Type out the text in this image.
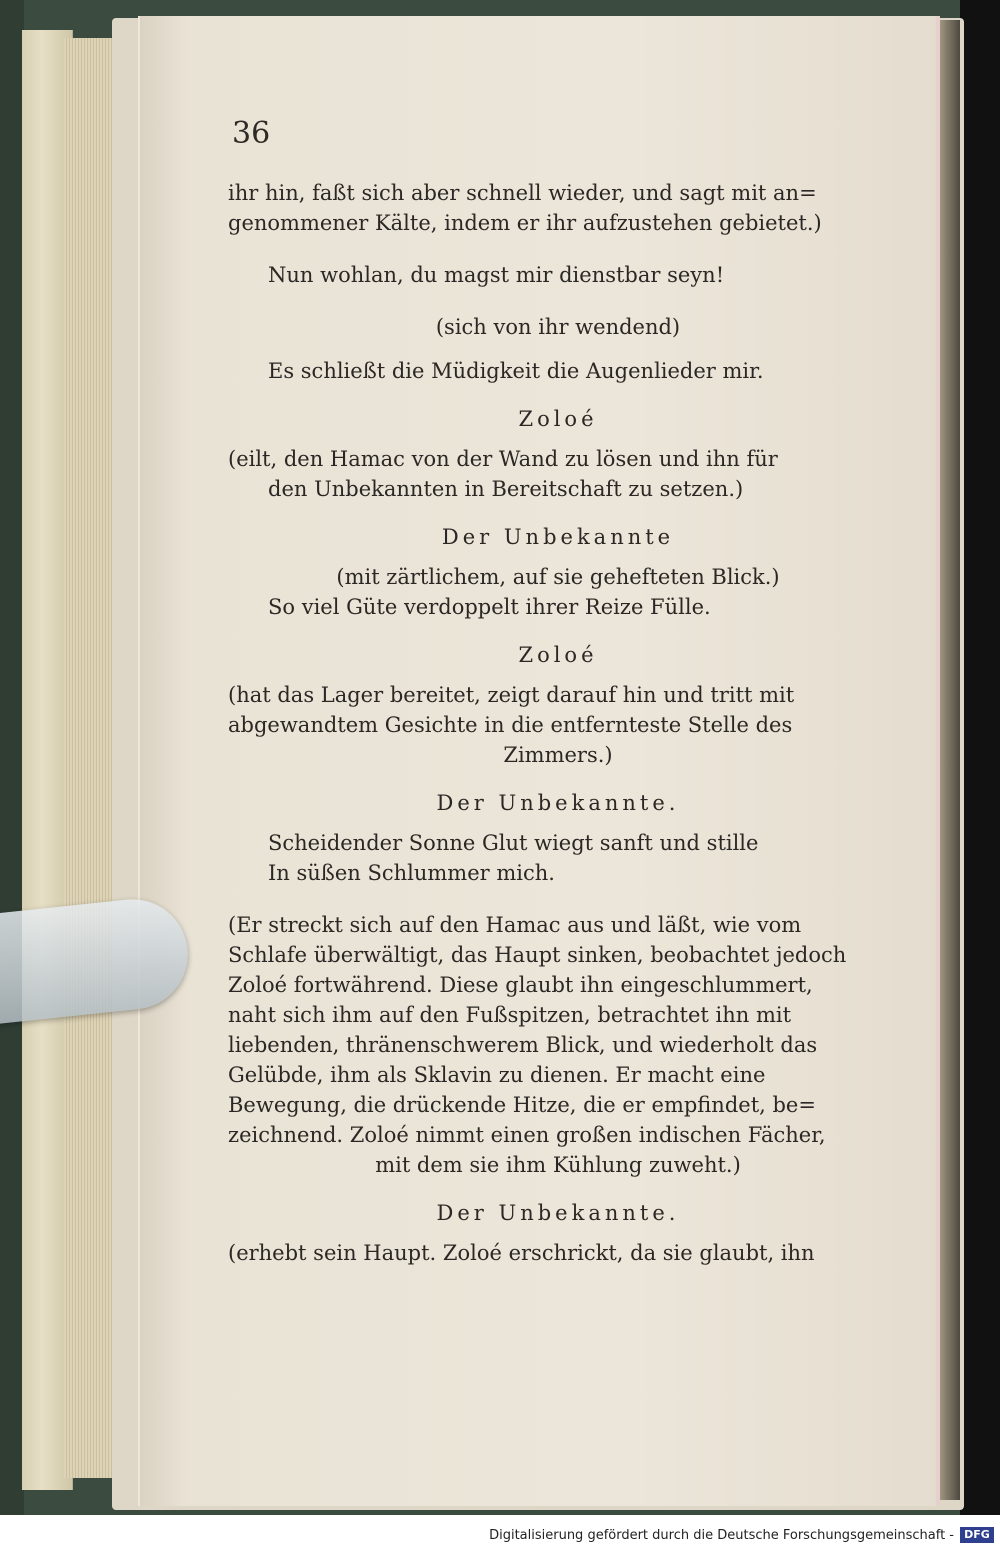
36
ihr hin, faßt sich aber schnell wieder, und sagt mit an=
genommener Kälte, indem er ihr aufzustehen gebietet.)
Nun wohlan, du magst mir dienstbar seyn!
(sich von ihr wendend)
Es schließt die Müdigkeit die Augenlieder mir.
Zoloé
(eilt, den Hamac von der Wand zu lösen und ihn für
den Unbekannten in Bereitschaft zu setzen.)
Der Unbekannte
(mit zärtlichem, auf sie gehefteten Blick.)
So viel Güte verdoppelt ihrer Reize Fülle.
Zoloé
(hat das Lager bereitet, zeigt darauf hin und tritt mit
abgewandtem Gesichte in die entfernteste Stelle des
Zimmers.)
Der Unbekannte.
Scheidender Sonne Glut wiegt sanft und stille
In süßen Schlummer mich.
(Er streckt sich auf den Hamac aus und läßt, wie vom
Schlafe überwältigt, das Haupt sinken, beobachtet jedoch
Zoloé fortwährend. Diese glaubt ihn eingeschlummert,
naht sich ihm auf den Fußspitzen, betrachtet ihn mit
liebenden, thränenschwerem Blick, und wiederholt das
Gelübde, ihm als Sklavin zu dienen. Er macht eine
Bewegung, die drückende Hitze, die er empfindet, be=
zeichnend. Zoloé nimmt einen großen indischen Fächer,
mit dem sie ihm Kühlung zuweht.)
Der Unbekannte.
(erhebt sein Haupt. Zoloé erschrickt, da sie glaubt, ihn
Digitalisierung gefördert durch die Deutsche Forschungsgemeinschaft - DFG
